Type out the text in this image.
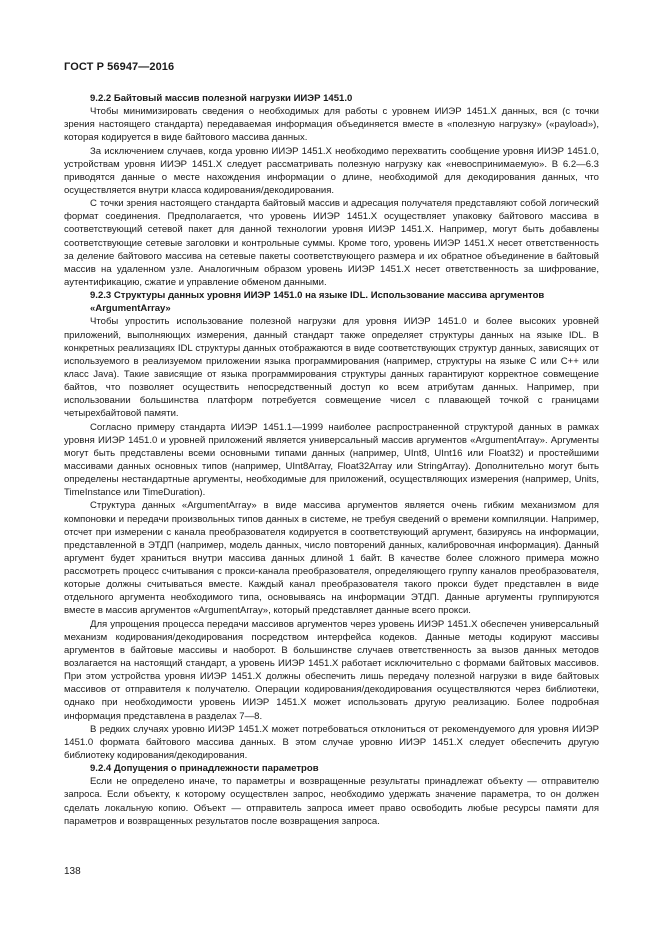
ГОСТ Р 56947—2016
9.2.2 Байтовый массив полезной нагрузки ИИЭР 1451.0

Чтобы минимизировать сведения о необходимых для работы с уровнем ИИЭР 1451.X данных, вся (с точки зрения настоящего стандарта) передаваемая информация объединяется вместе в «полезную нагрузку» («payload»), которая кодируется в виде байтового массива данных.

За исключением случаев, когда уровню ИИЭР 1451.X необходимо перехватить сообщение уровня ИИЭР 1451.0, устройствам уровня ИИЭР 1451.X следует рассматривать полезную нагрузку как «невоспринимаемую». В 6.2—6.3 приводятся данные о месте нахождения информации о длине, необходимой для декодирования данных, что осуществляется внутри класса кодирования/декодирования.

С точки зрения настоящего стандарта байтовый массив и адресация получателя представляют собой логический формат соединения. Предполагается, что уровень ИИЭР 1451.X осуществляет упаковку байтового массива в соответствующий сетевой пакет для данной технологии уровня ИИЭР 1451.X. Например, могут быть добавлены соответствующие сетевые заголовки и контрольные суммы. Кроме того, уровень ИИЭР 1451.X несет ответственность за деление байтового массива на сетевые пакеты соответствующего размера и их обратное объединение в байтовый массив на удаленном узле. Аналогичным образом уровень ИИЭР 1451.X несет ответственность за шифрование, аутентификацию, сжатие и управление обменом данными.

9.2.3 Структуры данных уровня ИИЭР 1451.0 на языке IDL. Использование массива аргументов «ArgumentArray»

Чтобы упростить использование полезной нагрузки для уровня ИИЭР 1451.0 и более высоких уровней приложений, выполняющих измерения, данный стандарт также определяет структуры данных на языке IDL. В конкретных реализациях IDL структуры данных отображаются в виде соответствующих структур данных, зависящих от используемого в реализуемом приложении языка программирования (например, структуры на языке C или C++ или класс Java). Такие зависящие от языка программирования структуры данных гарантируют корректное совмещение байтов, что позволяет осуществить непосредственный доступ ко всем атрибутам данных. Например, при использовании большинства платформ потребуется совмещение чисел с плавающей точкой с границами четырехбайтовой памяти.

Согласно примеру стандарта ИИЭР 1451.1—1999 наиболее распространенной структурой данных в рамках уровня ИИЭР 1451.0 и уровней приложений является универсальный массив аргументов «ArgumentArray». Аргументы могут быть представлены всеми основными типами данных (например, UInt8, UInt16 или Float32) и простейшими массивами данных основных типов (например, UInt8Array, Float32Array или StringArray). Дополнительно могут быть определены нестандартные аргументы, необходимые для приложений, осуществляющих измерения (например, Units, TimeInstance или TimeDuration).

Структура данных «ArgumentArray» в виде массива аргументов является очень гибким механизмом для компоновки и передачи произвольных типов данных в системе, не требуя сведений о времени компиляции. Например, отсчет при измерении с канала преобразователя кодируется в соответствующий аргумент, базируясь на информации, представленной в ЭТДП (например, модель данных, число повторений данных, калибровочная информация). Данный аргумент будет храниться внутри массива данных длиной 1 байт. В качестве более сложного примера можно рассмотреть процесс считывания с прокси-канала преобразователя, определяющего группу каналов преобразователя, которые должны считываться вместе. Каждый канал преобразователя такого прокси будет представлен в виде отдельного аргумента необходимого типа, основываясь на информации ЭТДП. Данные аргументы группируются вместе в массив аргументов «ArgumentArray», который представляет данные всего прокси.

Для упрощения процесса передачи массивов аргументов через уровень ИИЭР 1451.X обеспечен универсальный механизм кодирования/декодирования посредством интерфейса кодеков. Данные методы кодируют массивы аргументов в байтовые массивы и наоборот. В большинстве случаев ответственность за вызов данных методов возлагается на настоящий стандарт, а уровень ИИЭР 1451.X работает исключительно с формами байтовых массивов. При этом устройства уровня ИИЭР 1451.X должны обеспечить лишь передачу полезной нагрузки в виде байтовых массивов от отправителя к получателю. Операции кодирования/декодирования осуществляются через библиотеки, однако при необходимости уровень ИИЭР 1451.X может использовать другую реализацию. Более подробная информация представлена в разделах 7—8.

В редких случаях уровню ИИЭР 1451.X может потребоваться отклониться от рекомендуемого для уровня ИИЭР 1451.0 формата байтового массива данных. В этом случае уровню ИИЭР 1451.X следует обеспечить другую библиотеку кодирования/декодирования.

9.2.4 Допущения о принадлежности параметров

Если не определено иначе, то параметры и возвращенные результаты принадлежат объекту — отправителю запроса. Если объекту, к которому осуществлен запрос, необходимо удержать значение параметра, то он должен сделать локальную копию. Объект — отправитель запроса имеет право освободить любые ресурсы памяти для параметров и возвращенных результатов после возвращения запроса.

138
